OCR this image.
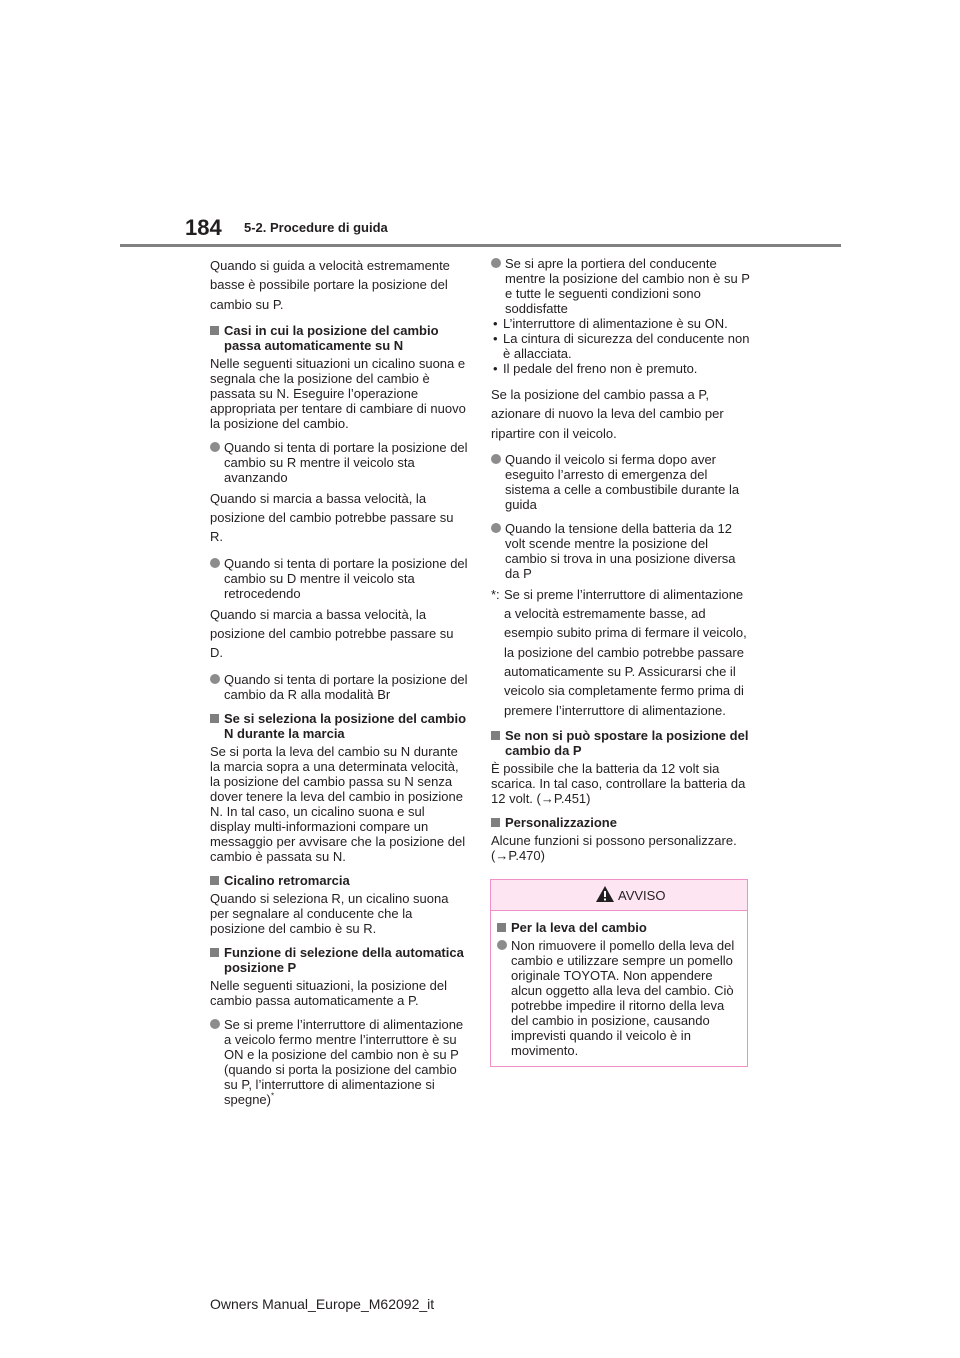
184 5-2. Procedure di guida

Quando si guida a velocità estremamente basse è possibile portare la posizione del cambio su P.

Casi in cui la posizione del cambio passa automaticamente su N

Nelle seguenti situazioni un cicalino suona e segnala che la posizione del cambio è passata su N. Eseguire l’operazione appropriata per tentare di cambiare di nuovo la posizione del cambio.

Quando si tenta di portare la posizione del cambio su R mentre il veicolo sta avanzando

Quando si marcia a bassa velocità, la posizione del cambio potrebbe passare su R.

Quando si tenta di portare la posizione del cambio su D mentre il veicolo sta retrocedendo

Quando si marcia a bassa velocità, la posizione del cambio potrebbe passare su D.

Quando si tenta di portare la posizione del cambio da R alla modalità Br
Se si seleziona la posizione del cambio N durante la marcia

Se si porta la leva del cambio su N durante la marcia sopra a una determinata velocità, la posizione del cambio passa su N senza dover tenere la leva del cambio in posizione N. In tal caso, un cicalino suona e sul display multi-informazioni compare un messaggio per avvisare che la posizione del cambio è passata su N.

Cicalino retromarcia

Quando si seleziona R, un cicalino suona per segnalare al conducente che la posizione del cambio è su R.

Funzione di selezione della automatica posizione P

Nelle seguenti situazioni, la posizione del cambio passa automaticamente a P.

Se si preme l’interruttore di alimentazione a veicolo fermo mentre l’interruttore è su ON e la posizione del cambio non è su P (quando si porta la posizione del cambio su P, l’interruttore di alimentazione si spegne)*
Se si apre la portiera del conducente mentre la posizione del cambio non è su P e tutte le seguenti condizioni sono soddisfatte
• L’interruttore di alimentazione è su ON.
• La cintura di sicurezza del conducente non è allacciata.
• Il pedale del freno non è premuto.

Se la posizione del cambio passa a P, azionare di nuovo la leva del cambio per ripartire con il veicolo.

Quando il veicolo si ferma dopo aver eseguito l’arresto di emergenza del sistema a celle a combustibile durante la guida
Quando la tensione della batteria da 12 volt scende mentre la posizione del cambio si trova in una posizione diversa da P
*: Se si preme l’interruttore di alimentazione a velocità estremamente basse, ad esempio subito prima di fermare il veicolo, la posizione del cambio potrebbe passare automaticamente su P. Assicurarsi che il veicolo sia completamente fermo prima di premere l’interruttore di alimentazione.
Se non si può spostare la posizione del cambio da P

È possibile che la batteria da 12 volt sia scarica. In tal caso, controllare la batteria da 12 volt. (→P.451)

Personalizzazione

Alcune funzioni si possono personalizzare. (→P.470)

AVVISO
Per la leva del cambio
Non rimuovere il pomello della leva del cambio e utilizzare sempre un pomello originale TOYOTA. Non appendere alcun oggetto alla leva del cambio. Ciò potrebbe impedire il ritorno della leva del cambio in posizione, causando imprevisti quando il veicolo è in movimento.
Owners Manual_Europe_M62092_it
